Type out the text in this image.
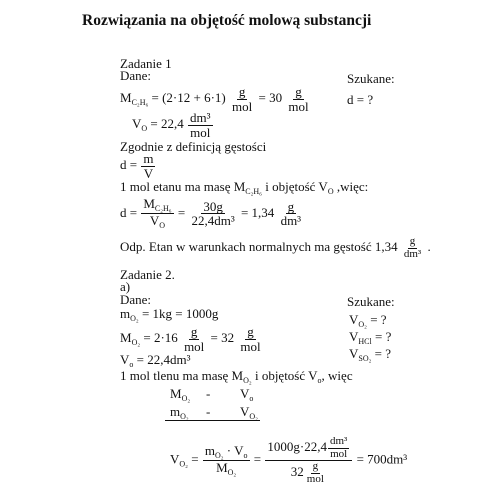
Rozwiązania na objętość molową substancji
Zadanie 1
Dane:	Szukane:
d = ?
$M_{C_2H_6} = (2\cdot 12 + 6\cdot 1) \frac{g}{\text{mol}} = 30 \frac{g}{\text{mol}}$
$V_O = 22,4 \frac{\text{dm³}}{\text{mol}}$
Zgodnie z definicją gęstości
$d = \frac{m}{V}$
1 mol etanu ma masę $M_{C_2H_6}$ i objętość $V_O$ ,więc:
$d = \frac{M_{C_2H_6}}{V_O} = \frac{30g}{\text{22,4dm³}} = 1,34 \frac{g}{\text{dm³}}$
Odp. Etan w warunkach normalnych ma gęstość $1,34 \frac{g}{\text{dm³}}$ .
Zadanie 2.
a)
Dane:	Szukane:
$m_{O_2} = 1kg = 1000g$	$V_{O_2}$ = ?
$V_{HCl}$ = ?
$V_{SO_2}$ = ?
$M_{O_2} = 2\cdot 16 \frac{g}{\text{mol}} = 32 \frac{g}{\text{mol}}$
$V_o = 22,4dm^3$
1 mol tlenu ma masę $M_{O_2}$ i objętość $V_o$, więc
$M_{O_2} - V_o$
$m_{O_2} - V_{O_2}$
$V_{O_2} = \frac{m_{O_2} \cdot V_o}{M_{O_2}} = \frac{1000g\cdot 22,4 \frac{\text{dm³}}{\text{mol}}}{32 \frac{g}{\text{mol}}} = 700dm^3$
